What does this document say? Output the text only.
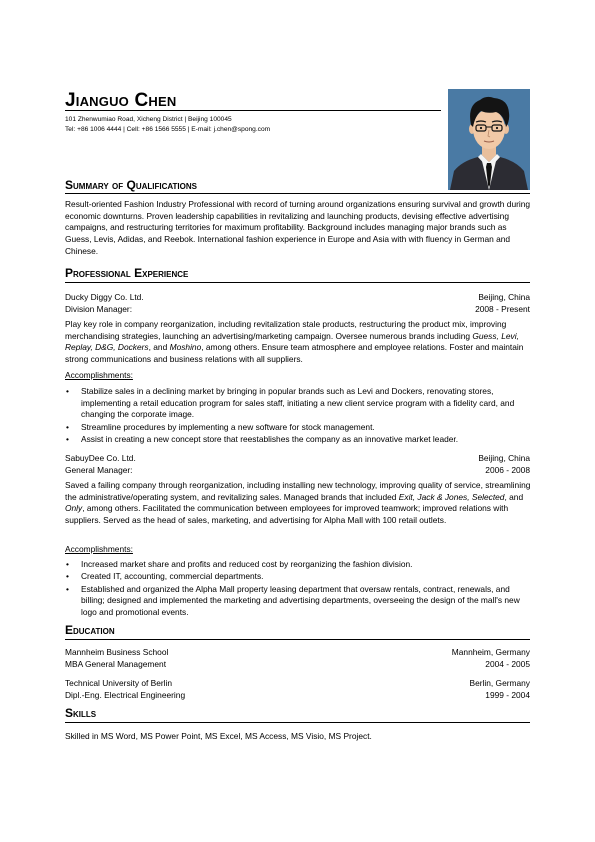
Jianguo Chen
101 Zhenwumiao Road, Xicheng District | Beijing 100045
Tel: +86 1006 4444 | Cell: +86 1566 5555 | E-mail: j.chen@spong.com
Summary of Qualifications
Result-oriented Fashion Industry Professional with record of turning around organizations ensuring survival and growth during economic downturns. Proven leadership capabilities in revitalizing and launching products, devising effective advertising campaigns, and restructuring territories for maximum profitability. Background includes managing major brands such as Guess, Levis, Adidas, and Reebok. International fashion experience in Europe and Asia with with fluency in German and Chinese.
Professional Experience
Ducky Diggy Co. Ltd.	Beijing, China
Division Manager:	2008 - Present
Play key role in company reorganization, including revitalization stale products, restructuring the product mix, improving merchandising strategies, launching an advertising/marketing campaign. Oversee numerous brands including Guess, Levi, Replay, D&G, Dockers, and Moshino, among others. Ensure team atmosphere and employee relations. Foster and maintain strong communications and business relations with all suppliers.
Accomplishments:
• Stabilize sales in a declining market by bringing in popular brands such as Levi and Dockers, renovating stores, implementing a retail education program for sales staff, initiating a new client service program with a fidelity card, and changing the corporate image.
• Streamline procedures by implementing a new software for stock management.
• Assist in creating a new concept store that reestablishes the company as an innovative market leader.
SabuyDee Co. Ltd.	Beijing, China
General Manager:	2006 - 2008
Saved a failing company through reorganization, including installing new technology, improving quality of service, streamlining the administrative/operating system, and revitalizing sales. Managed brands that included Exit, Jack & Jones, Selected, and Only, among others. Facilitated the communication between employees for improved teamwork; improved relations with suppliers. Served as the head of sales, marketing, and advertising for Alpha Mall with 100 retail outlets.
Accomplishments:
• Increased market share and profits and reduced cost by reorganizing the fashion division.
• Created IT, accounting, commercial departments.
• Established and organized the Alpha Mall property leasing department that oversaw rentals, contract, renewals, and billing; designed and implemented the marketing and advertising departments, overseeing the design of the mall's new logo and promotional events.
Education
Mannheim Business School	Mannheim, Germany
MBA General Management	2004 - 2005
Technical University of Berlin	Berlin, Germany
Dipl.-Eng. Electrical Engineering	1999 - 2004
Skills
Skilled in MS Word, MS Power Point, MS Excel, MS Access, MS Visio, MS Project.
